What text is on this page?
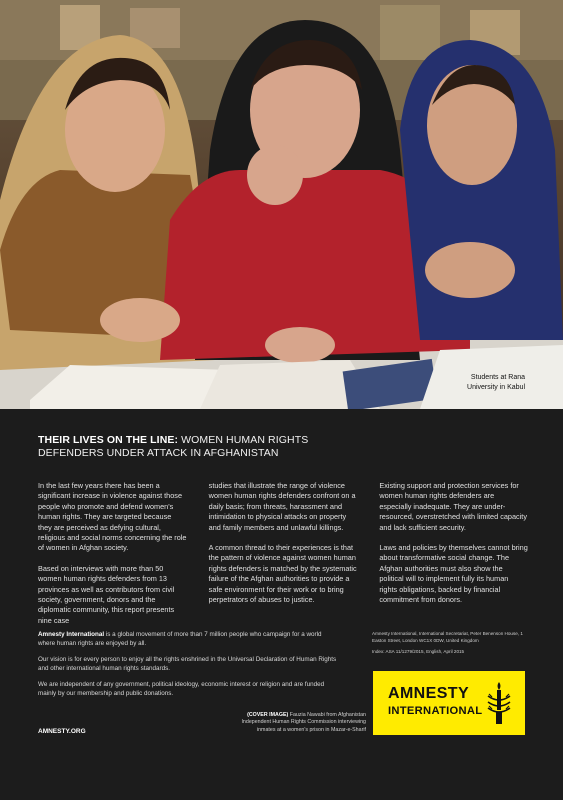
Students at Rana
University in Kabul
THEIR LIVES ON THE LINE: WOMEN HUMAN RIGHTS
DEFENDERS UNDER ATTACK IN AFGHANISTAN

In the last few years there has been a significant increase in violence against those people who promote and defend women's human rights. They are targeted because they are perceived as defying cultural, religious and social norms concerning the role of women in Afghan society.

Based on interviews with more than 50 women human rights defenders from 13 provinces as well as contributors from civil society, government, donors and the diplomatic community, this report presents nine case

studies that illustrate the range of violence women human rights defenders confront on a daily basis; from threats, harassment and intimidation to physical attacks on property and family members and unlawful killings.

A common thread to their experiences is that the pattern of violence against women human rights defenders is matched by the systematic failure of the Afghan authorities to provide a safe environment for their work or to bring perpetrators of abuses to justice.

Existing support and protection services for women human rights defenders are especially inadequate. They are under-resourced, overstretched with limited capacity and lack sufficient security.

Laws and policies by themselves cannot bring about transformative social change. The Afghan authorities must also show the political will to implement fully its human rights obligations, backed by financial commitment from donors.

Amnesty International is a global movement of more than 7 million people who campaign for a world where human rights are enjoyed by all.

Our vision is for every person to enjoy all the rights enshrined in the Universal Declaration of Human Rights and other international human rights standards.

We are independent of any government, political ideology, economic interest or religion and are funded mainly by our membership and public donations.

AMNESTY.ORG
(COVER IMAGE) Fauzia Nawabi from Afghanistan Independent Human Rights Commission interviewing inmates at a women's prison in Mazar-e-Sharif

Amnesty International, International Secretariat, Peter Benenson House, 1 Easton Street, London WC1X 0DW, United Kingdom

Index: ASA 11/1279/2015, English, April 2015

AMNESTY
INTERNATIONAL
